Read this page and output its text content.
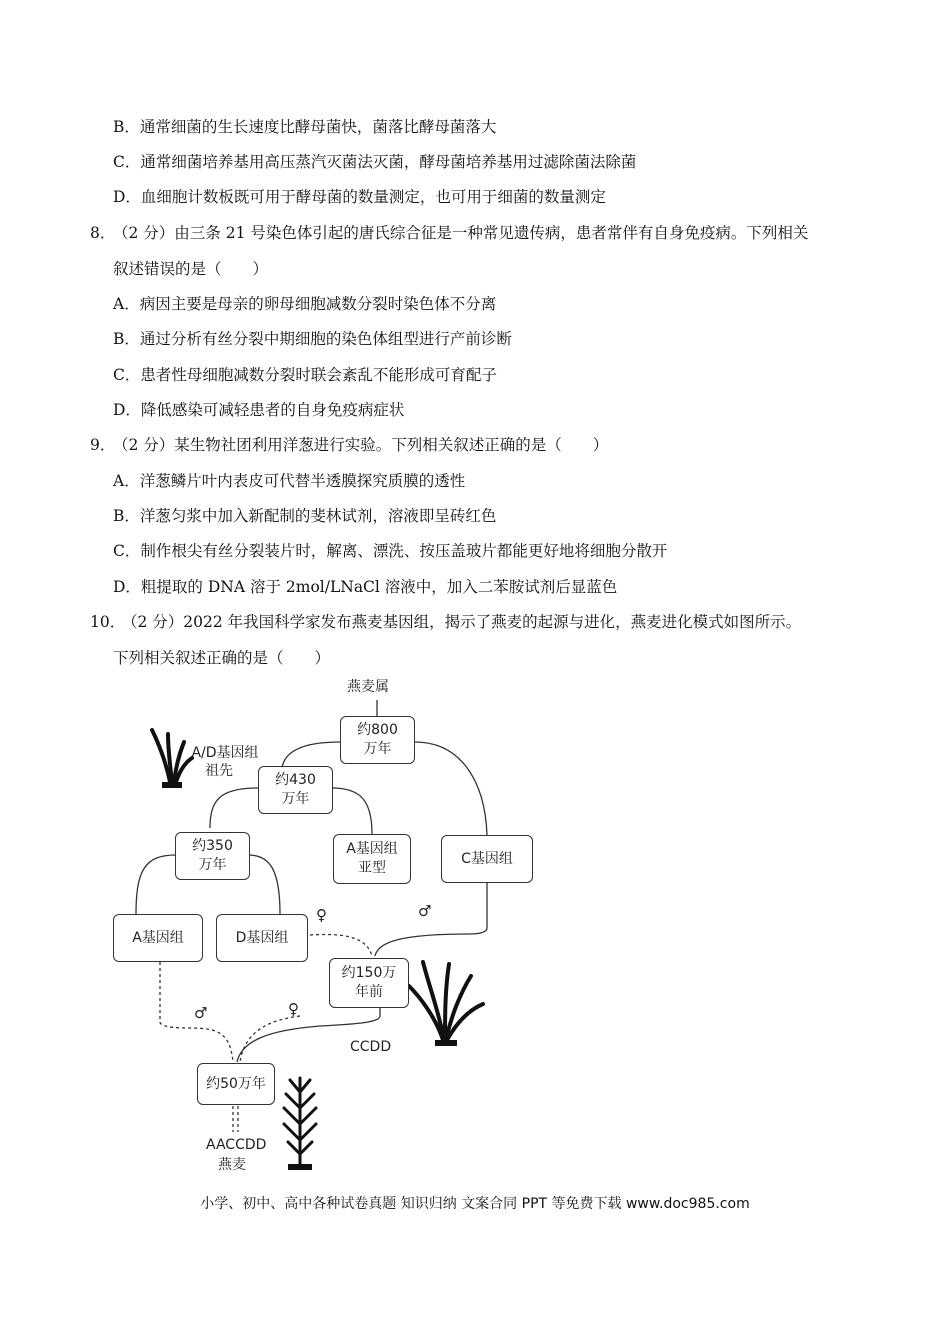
B．通常细菌的生长速度比酵母菌快，菌落比酵母菌落大
C．通常细菌培养基用高压蒸汽灭菌法灭菌，酵母菌培养基用过滤除菌法除菌
D．血细胞计数板既可用于酵母菌的数量测定，也可用于细菌的数量测定
8．
（2 分）由三条 21 号染色体引起的唐氏综合征是一种常见遗传病，患者常伴有自身免疫病。下列相关
叙述错误的是（　　）
A．病因主要是母亲的卵母细胞减数分裂时染色体不分离
B．通过分析有丝分裂中期细胞的染色体组型进行产前诊断
C．患者性母细胞减数分裂时联会紊乱不能形成可育配子
D．降低感染可减轻患者的自身免疫病症状
9．
（2 分）某生物社团利用洋葱进行实验。下列相关叙述正确的是（　　）
A．洋葱鳞片叶内表皮可代替半透膜探究质膜的透性
B．洋葱匀浆中加入新配制的斐林试剂，溶液即呈砖红色
C．制作根尖有丝分裂装片时，解离、漂洗、按压盖玻片都能更好地将细胞分散开
D．粗提取的 DNA 溶于 2mol/LNaCl 溶液中，加入二苯胺试剂后显蓝色
10．
（2 分）2022 年我国科学家发布燕麦基因组，揭示了燕麦的起源与进化，燕麦进化模式如图所示。
下列相关叙述正确的是（　　）
燕麦属
约800
万年
A/D基因组
祖先
约430
万年
约350
万年
A基因组
亚型
C基因组
A基因组	D基因组
♀	♂
约150万
年前
CCDD
♂	♀
约50万年
AACCDD
燕麦
小学、初中、高中各种试卷真题 知识归纳 文案合同 PPT 等免费下载 www.doc985.com
